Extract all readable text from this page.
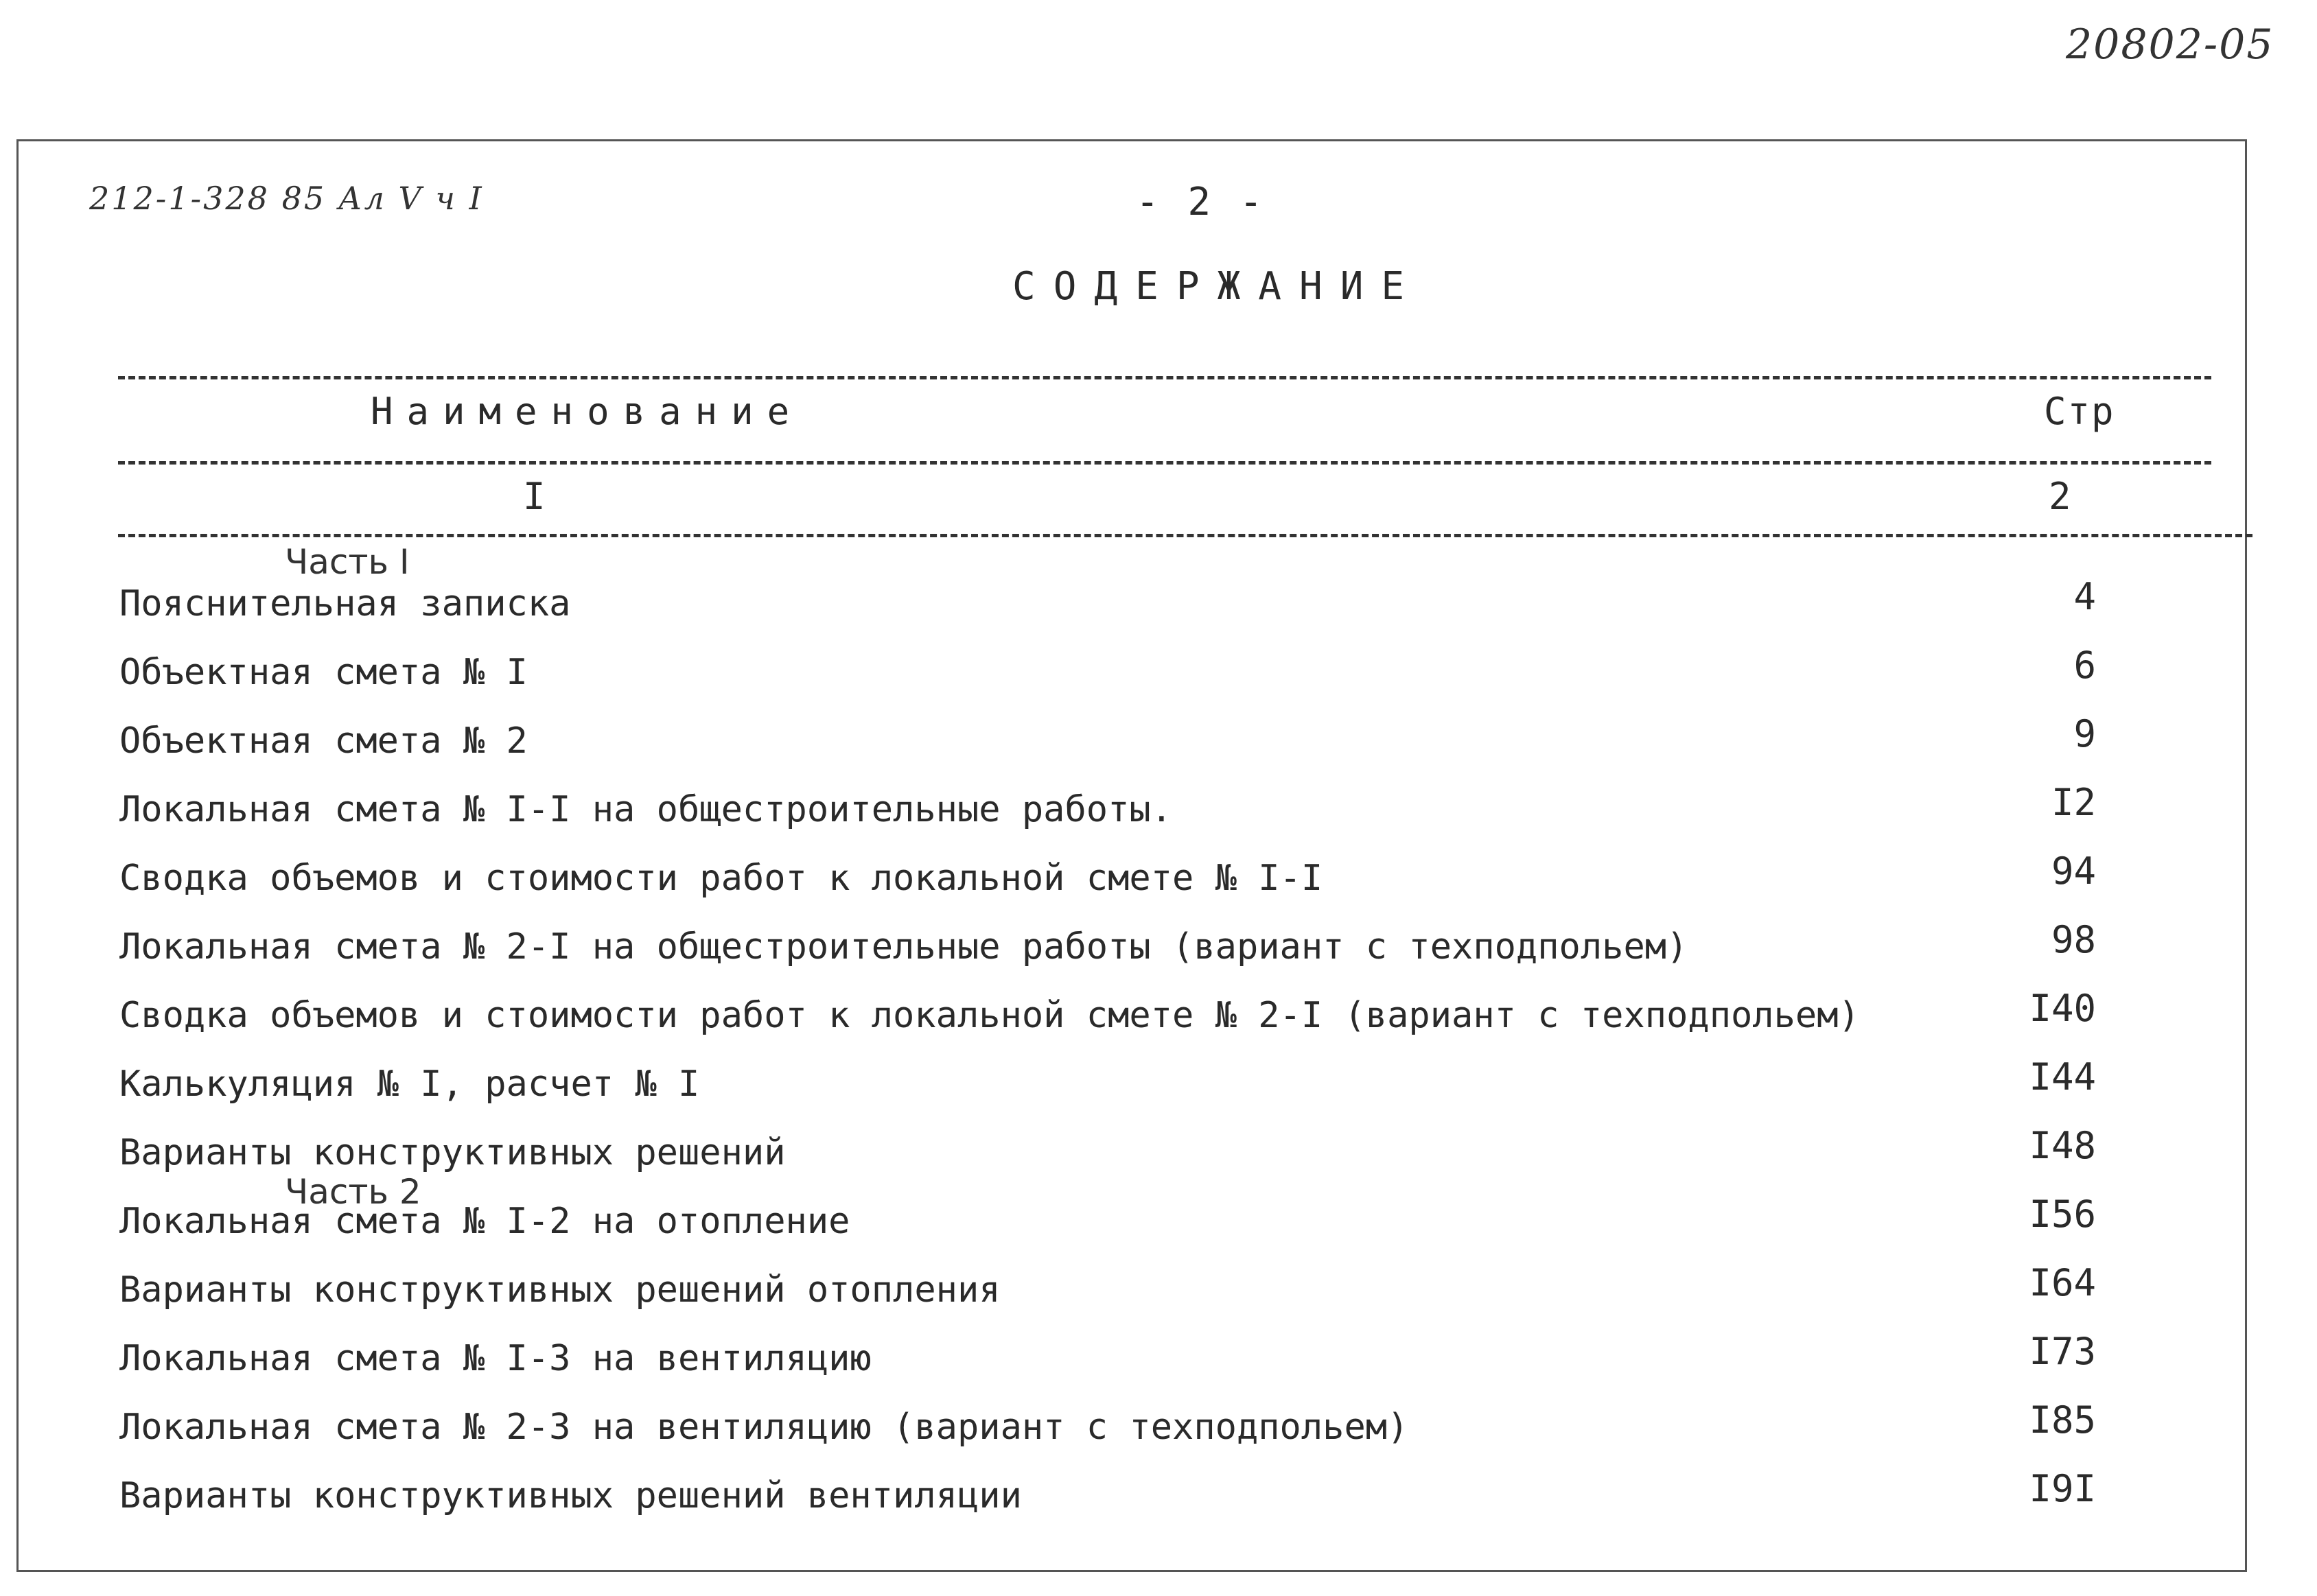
20802-05
212-1-328 85 Ал V ч I	- 2 -
СОДЕРЖАНИЕ
Наименование	Стр
I	2
Часть I
Часть 2
Пояснительная записка	4
Объектная смета № I	6
Объектная смета № 2	9
Локальная смета № I-I на общестроительные работы.	I2
Сводка объемов и стоимости работ к локальной смете № I-I	94
Локальная смета № 2-I на общестроительные работы (вариант с техподпольем)	98
Сводка объемов и стоимости работ к локальной смете № 2-I (вариант с техподпольем)	I40
Калькуляция № I, расчет № I	I44
Варианты конструктивных решений	I48
Локальная смета № I-2 на отопление	I56
Варианты конструктивных решений отопления	I64
Локальная смета № I-3 на вентиляцию	I73
Локальная смета № 2-3 на вентиляцию (вариант с техподпольем)	I85
Варианты конструктивных решений вентиляции	I9I
